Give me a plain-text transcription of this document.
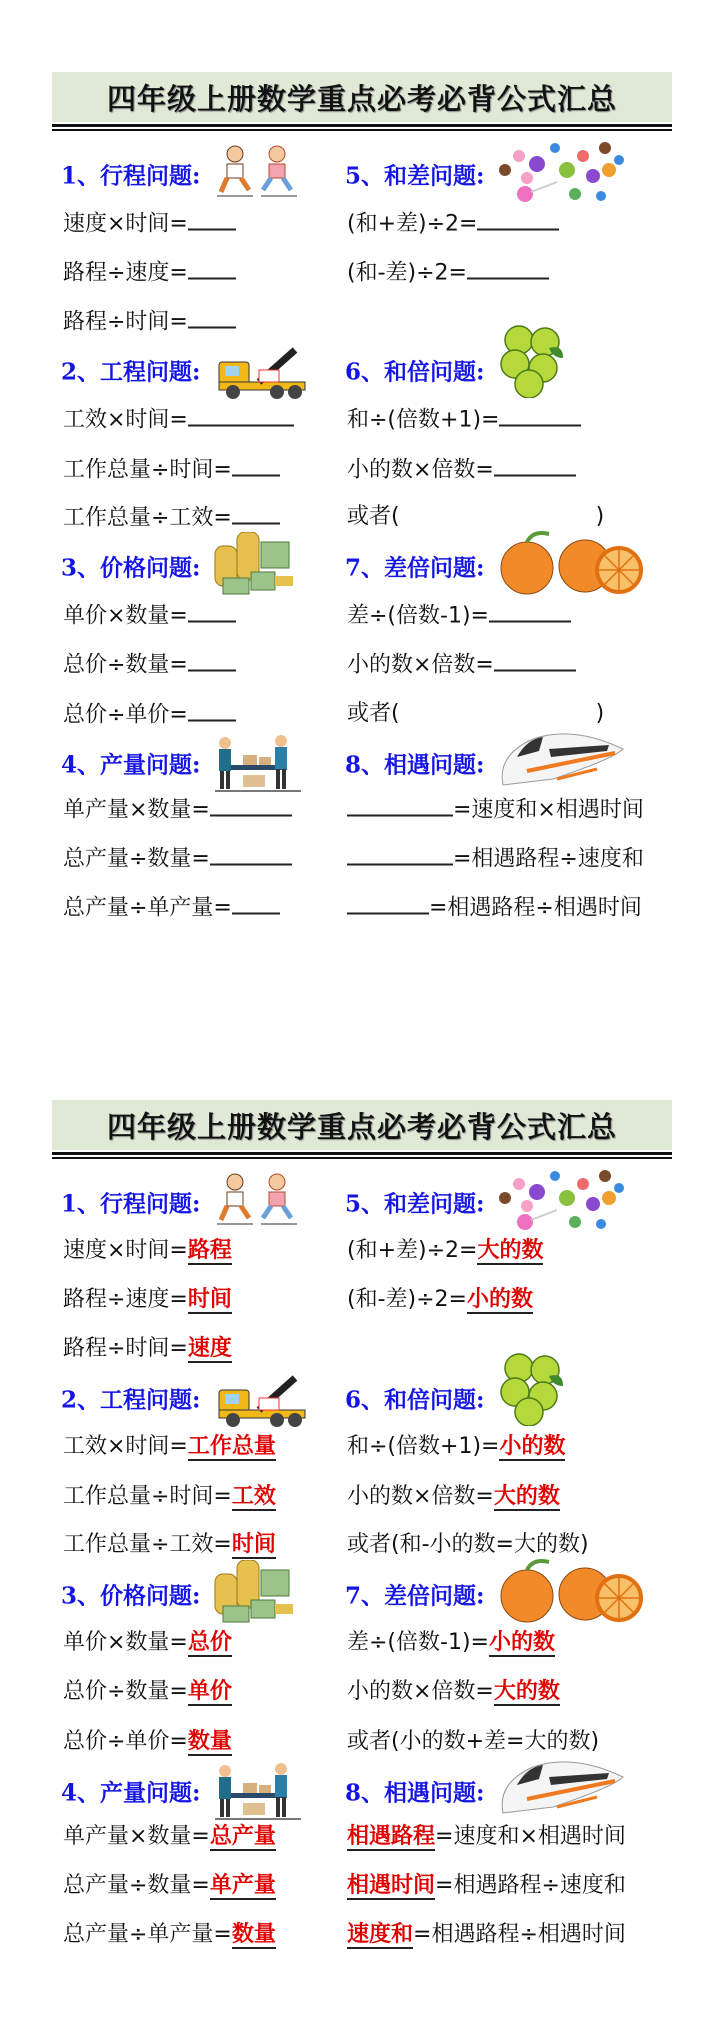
四年级上册数学重点必考必背公式汇总
1、行程问题:
速度×时间=
路程÷速度=
路程÷时间=
2、工程问题:
工效×时间=
工作总量÷时间=
工作总量÷工效=
3、价格问题:
单价×数量=
总价÷数量=
总价÷单价=
4、产量问题:
单产量×数量=
总产量÷数量=
总产量÷单产量=
5、和差问题:
(和+差)÷2=
(和-差)÷2=
6、和倍问题:
和÷(倍数+1)=
小的数×倍数=
或者(	)
7、差倍问题:
差÷(倍数-1)=
小的数×倍数=
或者(	)
8、相遇问题:
=速度和×相遇时间
=相遇路程÷速度和
=相遇路程÷相遇时间
四年级上册数学重点必考必背公式汇总
1、行程问题:
速度×时间=路程
路程÷速度=时间
路程÷时间=速度
2、工程问题:
工效×时间=工作总量
工作总量÷时间=工效
工作总量÷工效=时间
3、价格问题:
单价×数量=总价
总价÷数量=单价
总价÷单价=数量
4、产量问题:
单产量×数量=总产量
总产量÷数量=单产量
总产量÷单产量=数量
5、和差问题:
(和+差)÷2=大的数
(和-差)÷2=小的数
6、和倍问题:
和÷(倍数+1)=小的数
小的数×倍数=大的数
或者(和-小的数=大的数)
7、差倍问题:
差÷(倍数-1)=小的数
小的数×倍数=大的数
或者(小的数+差=大的数)
8、相遇问题:
相遇路程=速度和×相遇时间
相遇时间=相遇路程÷速度和
速度和=相遇路程÷相遇时间
